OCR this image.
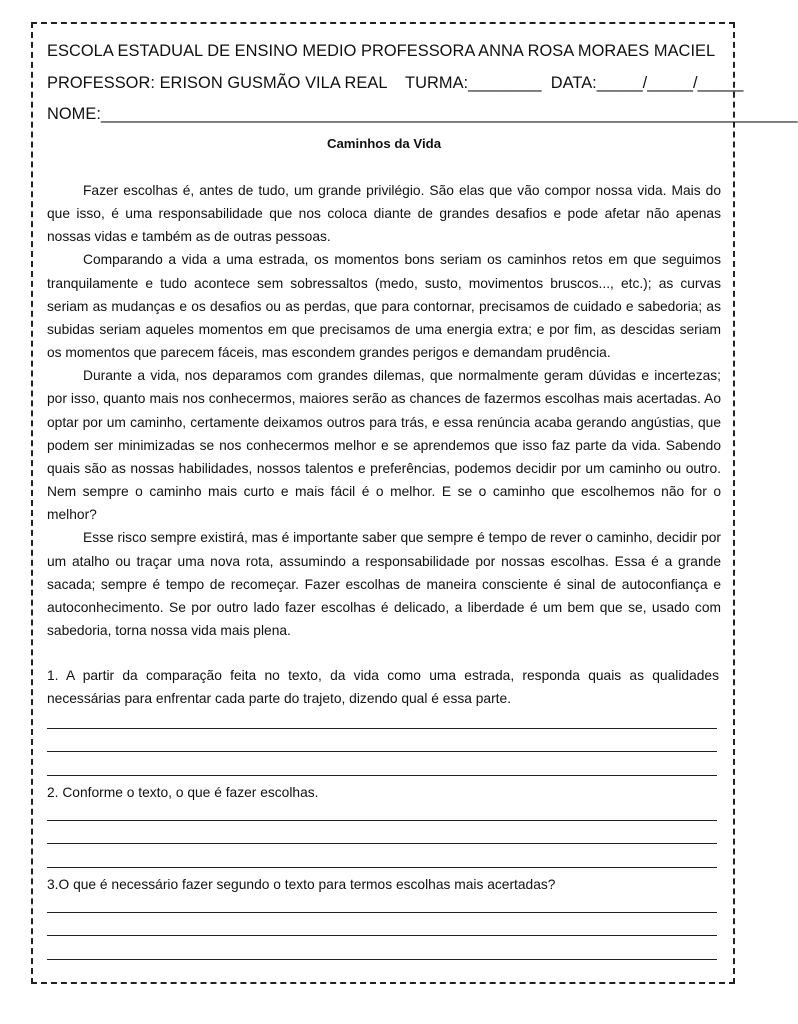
ESCOLA ESTADUAL DE ENSINO MEDIO PROFESSORA ANNA ROSA MORAES MACIEL
PROFESSOR: ERISON GUSMÃO VILA REAL    TURMA:________  DATA:_____/_____/_____
NOME:____________________________________________________________________________
Caminhos da Vida

Fazer escolhas é, antes de tudo, um grande privilégio. São elas que vão compor nossa vida. Mais do que isso, é uma responsabilidade que nos coloca diante de grandes desafios e pode afetar não apenas nossas vidas e também as de outras pessoas.

Comparando a vida a uma estrada, os momentos bons seriam os caminhos retos em que seguimos tranquilamente e tudo acontece sem sobressaltos (medo, susto, movimentos bruscos..., etc.); as curvas seriam as mudanças e os desafios ou as perdas, que para contornar, precisamos de cuidado e sabedoria; as subidas seriam aqueles momentos em que precisamos de uma energia extra; e por fim, as descidas seriam os momentos que parecem fáceis, mas escondem grandes perigos e demandam prudência.

Durante a vida, nos deparamos com grandes dilemas, que normalmente geram dúvidas e incertezas; por isso, quanto mais nos conhecermos, maiores serão as chances de fazermos escolhas mais acertadas. Ao optar por um caminho, certamente deixamos outros para trás, e essa renúncia acaba gerando angústias, que podem ser minimizadas se nos conhecermos melhor e se aprendemos que isso faz parte da vida. Sabendo quais são as nossas habilidades, nossos talentos e preferências, podemos decidir por um caminho ou outro. Nem sempre o caminho mais curto e mais fácil é o melhor. E se o caminho que escolhemos não for o melhor?

Esse risco sempre existirá, mas é importante saber que sempre é tempo de rever o caminho, decidir por um atalho ou traçar uma nova rota, assumindo a responsabilidade por nossas escolhas. Essa é a grande sacada; sempre é tempo de recomeçar. Fazer escolhas de maneira consciente é sinal de autoconfiança e autoconhecimento. Se por outro lado fazer escolhas é delicado, a liberdade é um bem que se, usado com sabedoria, torna nossa vida mais plena.

1. A partir da comparação feita no texto, da vida como uma estrada, responda quais as qualidades necessárias para enfrentar cada parte do trajeto, dizendo qual é essa parte.
2. Conforme o texto, o que é fazer escolhas.
3.O que é necessário fazer segundo o texto para termos escolhas mais acertadas?
